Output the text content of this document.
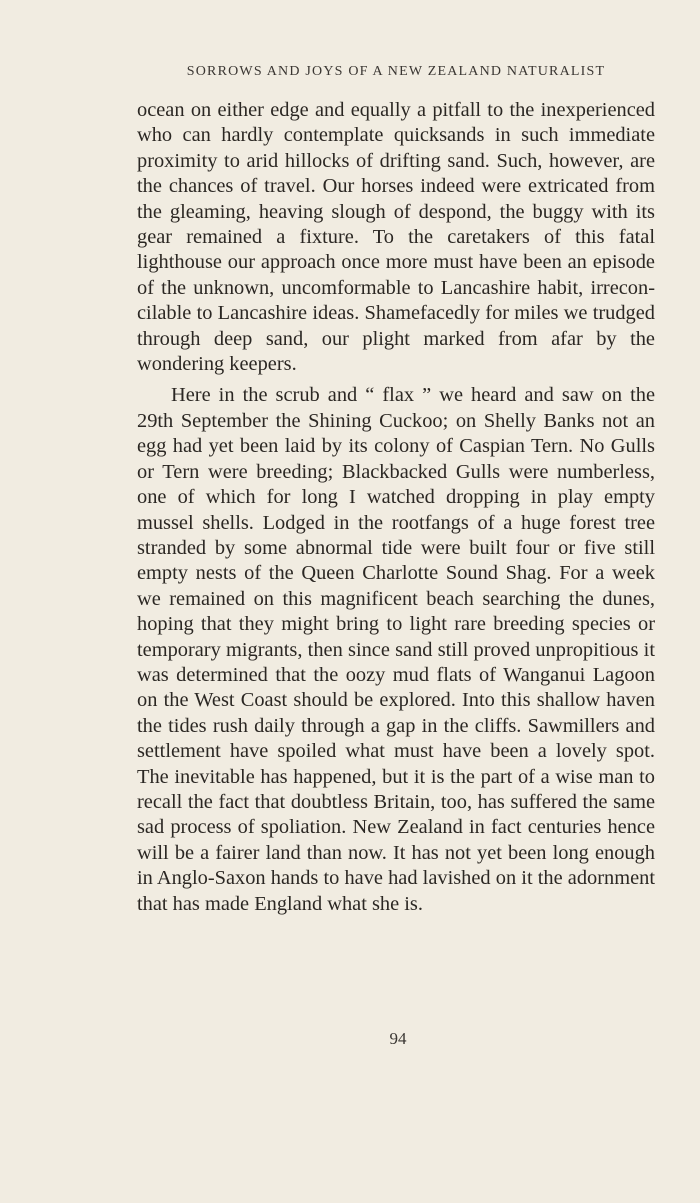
SORROWS AND JOYS OF A NEW ZEALAND NATURALIST

ocean on either edge and equally a pitfall to the inexperienced who can hardly contemplate quicksands in such immediate proximity to arid hillocks of drifting sand. Such, however, are the chances of travel. Our horses indeed were extricated from the gleaming, heaving slough of despond, the buggy with its gear remained a fixture. To the caretakers of this fatal lighthouse our approach once more must have been an episode of the unknown, uncomformable to Lancashire habit, irreconcilable to Lancashire ideas. Shamefacedly for miles we trudged through deep sand, our plight marked from afar by the wondering keepers.

Here in the scrub and “ flax ” we heard and saw on the 29th September the Shining Cuckoo; on Shelly Banks not an egg had yet been laid by its colony of Caspian Tern. No Gulls or Tern were breeding; Blackbacked Gulls were numberless, one of which for long I watched dropping in play empty mussel shells. Lodged in the rootfangs of a huge forest tree stranded by some abnormal tide were built four or five still empty nests of the Queen Charlotte Sound Shag. For a week we remained on this magnificent beach searching the dunes, hoping that they might bring to light rare breeding species or temporary migrants, then since sand still proved unpropitious it was determined that the oozy mud flats of Wanganui Lagoon on the West Coast should be explored. Into this shallow haven the tides rush daily through a gap in the cliffs. Sawmillers and settlement have spoiled what must have been a lovely spot. The inevitable has happened, but it is the part of a wise man to recall the fact that doubtless Britain, too, has suffered the same sad process of spoliation. New Zealand in fact centuries hence will be a fairer land than now. It has not yet been long enough in Anglo-Saxon hands to have had lavished on it the adornment that has made England what she is.

94
